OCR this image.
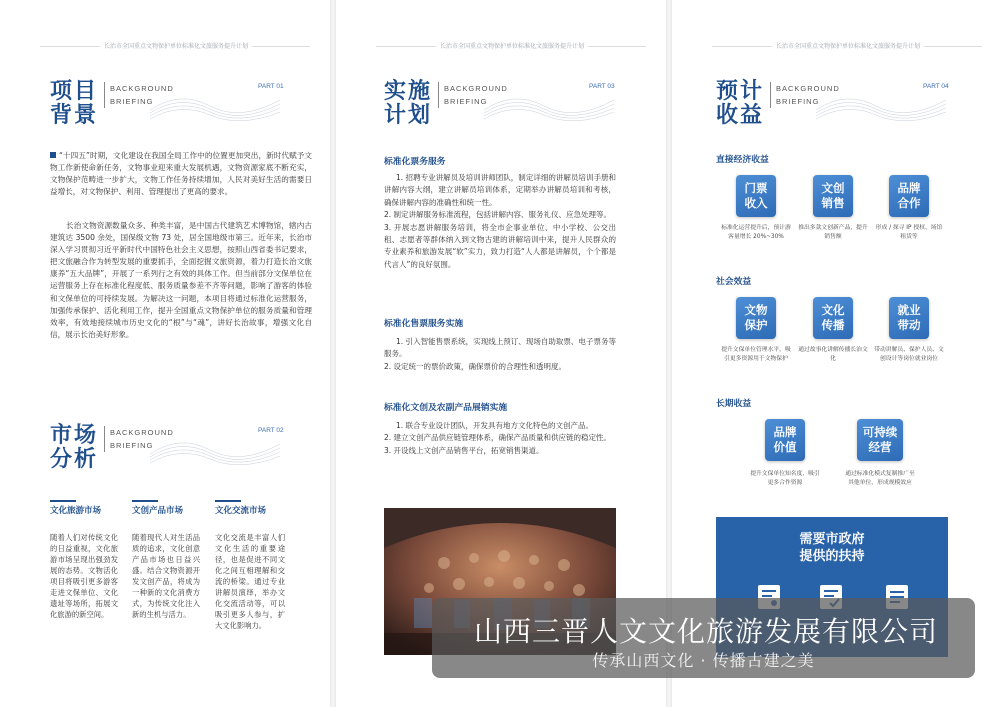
长治市全国重点文物保护单位标准化文旅服务提升计划	长治市全国重点文物保护单位标准化文旅服务提升计划	长治市全国重点文物保护单位标准化文旅服务提升计划
项目
背景
BACKGROUND
BRIEFING
PART 01
“十四五”时期，文化建设在我国全局工作中的位置更加突出，新时代赋予文物工作新使命新任务，文物事业迎来重大发展机遇，文物资源家底不断充实，文物保护范畴进一步扩大，文物工作任务持续增加，人民对美好生活的需要日益增长，对文物保护、利用、管理提出了更高的要求。
长治文物资源数量众多、种类丰富，是中国古代建筑艺术博物馆，辖内古建筑达 3500 余处，国保级文物 73 处，居全国地级市第三。近年来，长治市深入学习贯彻习近平新时代中国特色社会主义思想，按照山西省委书记要求，把文旅融合作为转型发展的重要抓手，全面挖掘文旅资源，着力打造长治文旅康养“五大品牌”，开展了一系列行之有效的具体工作。但当前部分文保单位在运营服务上存在标准化程度低、服务质量参差不齐等问题，影响了游客的体验和文保单位的可持续发展。为解决这一问题，本项目将通过标准化运营服务，加强传承保护、活化利用工作，提升全国重点文物保护单位的服务质量和管理效率，有效地接续城市历史文化的“根”与“魂”，讲好长治故事，增强文化自信，展示长治美好形象。
市场
分析
BACKGROUND
BRIEFING
PART 02
文化旅游市场
随着人们对传统文化的日益重视，文化旅游市场呈现出强劲发展的态势。文物活化项目将吸引更多游客走进文保单位、文化遗址等场所，拓展文化旅游的新空间。
文创产品市场
随着现代人对生活品质的追求，文化创意产品市场也日益兴盛。结合文物资源开发文创产品，将成为一种新的文化消费方式，为传统文化注入新的生机与活力。
文化交流市场
文化交流是丰富人们文化生活的重要途径，也是促进不同文化之间互相理解和交流的桥梁。通过专业讲解员演绎，举办文化交流活动等，可以吸引更多人参与，扩大文化影响力。
实施
计划
BACKGROUND
BRIEFING
PART 03
标准化票务服务
1. 招聘专业讲解员及培训讲师团队，制定详细的讲解员培训手册和讲解内容大纲，建立讲解员培训体系，定期举办讲解员培训和考核，确保讲解内容的准确性和统一性。
2. 制定讲解服务标准流程，包括讲解内容、服务礼仪、应急处理等。
3. 开展志愿讲解服务培训，将全市企事业单位、中小学校、公交出租、志愿者等群体纳入到文物古建的讲解培训中来，提升人民群众的专业素养和旅游发展“软”实力，致力打造“人人都是讲解员，个个都是代言人”的良好氛围。
标准化售票服务实施
1. 引入智能售票系统，实现线上预订、现场自助取票、电子票务等服务。
2. 设定统一的票价政策，确保票价的合理性和透明度。
标准化文创及农副产品展销实施
1. 联合专业设计团队，开发具有地方文化特色的文创产品。
2. 建立文创产品供应链管理体系，确保产品质量和供应链的稳定性。
3. 开设线上文创产品销售平台，拓宽销售渠道。
预计
收益
BACKGROUND
BRIEFING
PART 04
直接经济收益
门票
收入
文创
销售
品牌
合作
标准化运营提升后，预计游客量增长 20%~30%
推出多款文创新产品，提升销售额
形成 / 探寻 IP 授权、场馆租赁等
社会效益
文物
保护
文化
传播
就业
带动
提升文保单位管理水平，吸引更多资源用于文物保护
通过故事化讲解传播长治文化
带动讲解员、保护人员、文创设计等岗位就业岗位
长期收益
品牌
价值
可持续
经营
提升文保单位知名度，吸引更多合作资源
通过标准化模式复制推广至其他单位，形成规模效应
需要市政府
提供的扶持
山西三晋人文文化旅游发展有限公司
传承山西文化 · 传播古建之美
